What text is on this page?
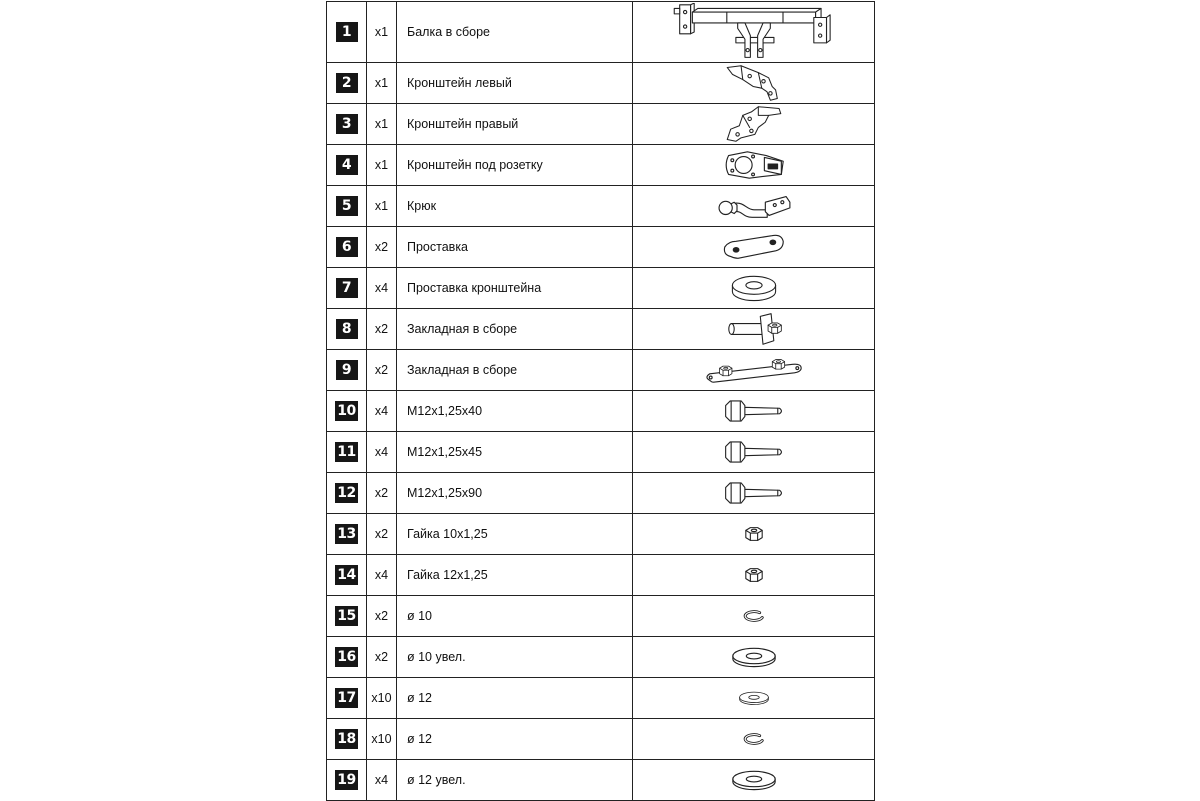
1	x1	Балка в сборе	

2	x1	Кронштейн левый	

3	x1	Кронштейн правый	

4	x1	Кронштейн под розетку	

5	x1	Крюк	

6	x2	Проставка	

7	x4	Проставка кронштейна	

8	x2	Закладная в сборе	

9	x2	Закладная в сборе	

10	x4	М12х1,25х40	

11	x4	М12х1,25х45	

12	x2	М12х1,25х90	

13	x2	Гайка 10х1,25	

14	x4	Гайка 12х1,25	

15	x2	ø 10	

16	x2	ø 10 увел.	

17	x10	ø 12	

18	x10	ø 12	

19	x4	ø 12 увел.	
